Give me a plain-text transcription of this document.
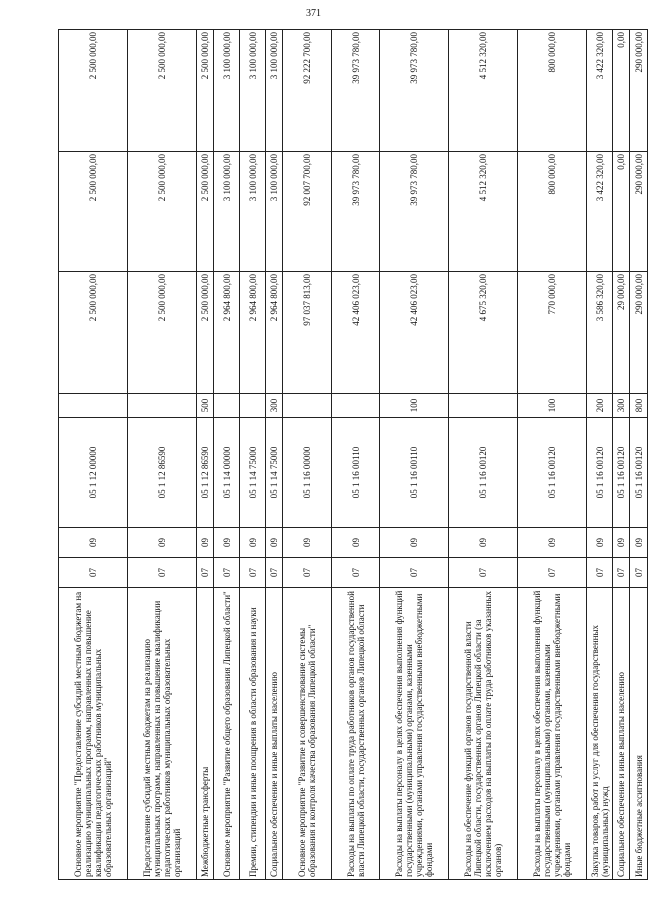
371
Основное мероприятие "Предоставление субсидий местным бюджетам на реализацию муниципальных программ, направленных на повышение квалификации педагогических работников муниципальных образовательных организаций"	07	09	05 1 12 00000		2 500 000,00	2 500 000,00	2 500 000,00
Предоставление субсидий местным бюджетам на реализацию муниципальных программ, направленных на повышение квалификации педагогических работников муниципальных образовательных организаций	07	09	05 1 12 86590		2 500 000,00	2 500 000,00	2 500 000,00
Межбюджетные трансферты	07	09	05 1 12 86590	500	2 500 000,00	2 500 000,00	2 500 000,00
Основное мероприятие "Развитие общего образования Липецкой области"	07	09	05 1 14 00000		2 964 800,00	3 100 000,00	3 100 000,00
Премии, стипендии и иные поощрения в области образования и науки	07	09	05 1 14 75000		2 964 800,00	3 100 000,00	3 100 000,00
Социальное обеспечение и иные выплаты населению	07	09	05 1 14 75000	300	2 964 800,00	3 100 000,00	3 100 000,00
Основное мероприятие "Развитие и совершенствование системы образования и контроля качества образования Липецкой области"	07	09	05 1 16 00000		97 037 813,00	92 007 700,00	92 222 700,00
Расходы на выплаты по оплате труда работников органов государственной власти Липецкой области, государственных органов Липецкой области	07	09	05 1 16 00110		42 406 023,00	39 973 780,00	39 973 780,00
Расходы на выплаты персоналу в целях обеспечения выполнения функций государственными (муниципальными) органами, казенными учреждениями, органами управления государственными внебюджетными фондами	07	09	05 1 16 00110	100	42 406 023,00	39 973 780,00	39 973 780,00
Расходы на обеспечение функций органов государственной власти Липецкой области, государственных органов Липецкой области (за исключением расходов на выплаты по оплате труда работников указанных органов)	07	09	05 1 16 00120		4 675 320,00	4 512 320,00	4 512 320,00
Расходы на выплаты персоналу в целях обеспечения выполнения функций государственными (муниципальными) органами, казенными учреждениями, органами управления государственными внебюджетными фондами	07	09	05 1 16 00120	100	770 000,00	800 000,00	800 000,00
Закупка товаров, работ и услуг для обеспечения государственных (муниципальных) нужд	07	09	05 1 16 00120	200	3 586 320,00	3 422 320,00	3 422 320,00
Социальное обеспечение и иные выплаты населению	07	09	05 1 16 00120	300	29 000,00	0,00	0,00
Иные бюджетные ассигнования	07	09	05 1 16 00120	800	290 000,00	290 000,00	290 000,00
